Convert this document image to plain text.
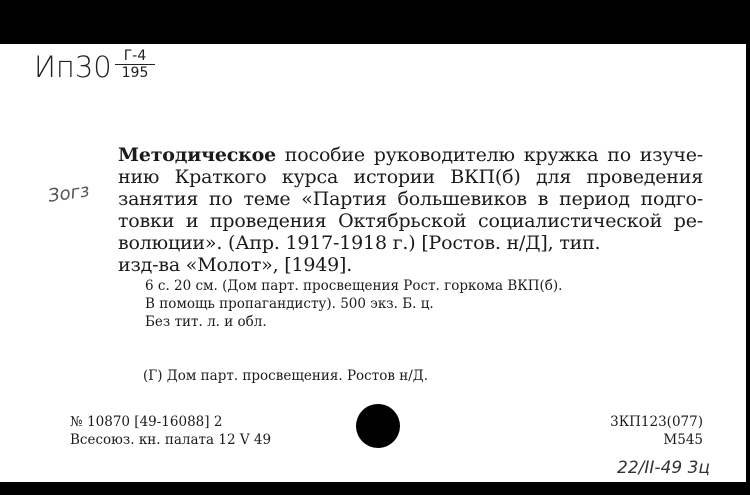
Ип30 Г-4
195
Зогз
Методическое пособие руководителю кружка по изуче-
нию Краткого курса истории ВКП(б) для проведения
занятия по теме «Партия большевиков в период подго-
товки и проведения Октябрьской социалистической ре-
волюции». (Апр. 1917-1918 г.) [Ростов. н/Д], тип.
изд-ва «Молот», [1949].
6 с. 20 см. (Дом парт. просвещения Рост. горкома ВКП(б).
В помощь пропагандисту). 500 экз. Б. ц.
Без тит. л. и обл.
(Г) Дом парт. просвещения. Ростов н/Д.
№ 10870 [49-16088] 2
Всесоюз. кн. палата 12 V 49
3КП123(077)
М545
22/II-49 3ц
